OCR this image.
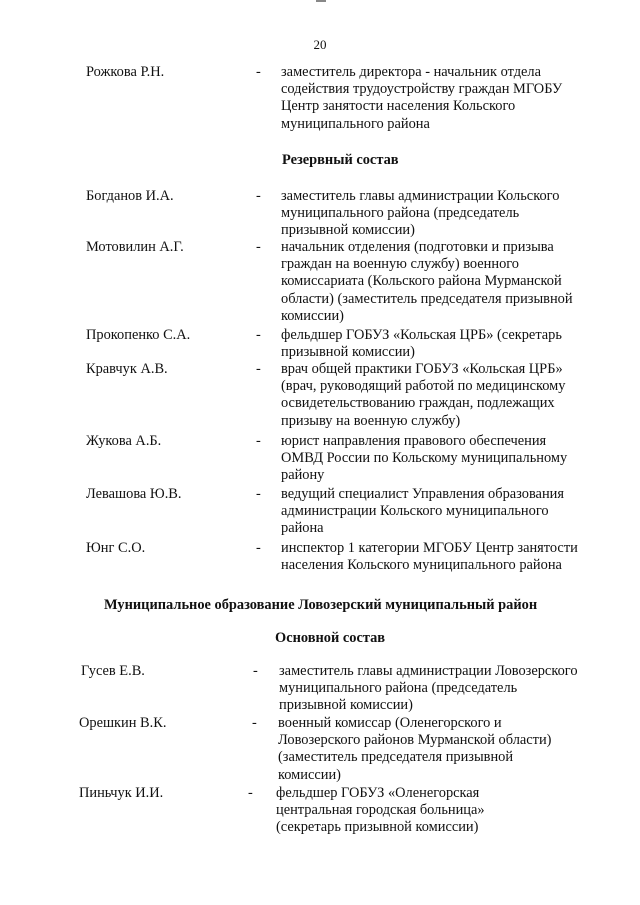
20
Рожкова Р.Н.	- заместитель директора - начальник отдела
содействия трудоустройству граждан МГОБУ
Центр занятости населения Кольского
муниципального района
Резервный состав
Богданов И.А.	- заместитель главы администрации Кольского
муниципального района (председатель
призывной комиссии)
Мотовилин А.Г.	- начальник отделения (подготовки и призыва
граждан на военную службу) военного
комиссариата (Кольского района Мурманской
области) (заместитель председателя призывной
комиссии)
Прокопенко С.А.	- фельдшер ГОБУЗ «Кольская ЦРБ» (секретарь
призывной комиссии)
Кравчук А.В.	- врач общей практики ГОБУЗ «Кольская ЦРБ»
(врач, руководящий работой по медицинскому
освидетельствованию граждан, подлежащих
призыву на военную службу)
Жукова А.Б.	- юрист направления правового обеспечения
ОМВД России по Кольскому муниципальному
району
Левашова Ю.В.	- ведущий специалист Управления образования
администрации Кольского муниципального
района
Юнг С.О.	- инспектор 1 категории МГОБУ Центр занятости
населения Кольского муниципального района
Муниципальное образование Ловозерский муниципальный район
Основной состав
Гусев Е.В.	- заместитель главы администрации Ловозерского
муниципального района (председатель
призывной комиссии)
Орешкин В.К.	- военный комиссар (Оленегорского и
Ловозерского районов Мурманской области)
(заместитель председателя призывной
комиссии)
Пиньчук И.И.	- фельдшер ГОБУЗ «Оленегорская
центральная городская больница»
(секретарь призывной комиссии)
